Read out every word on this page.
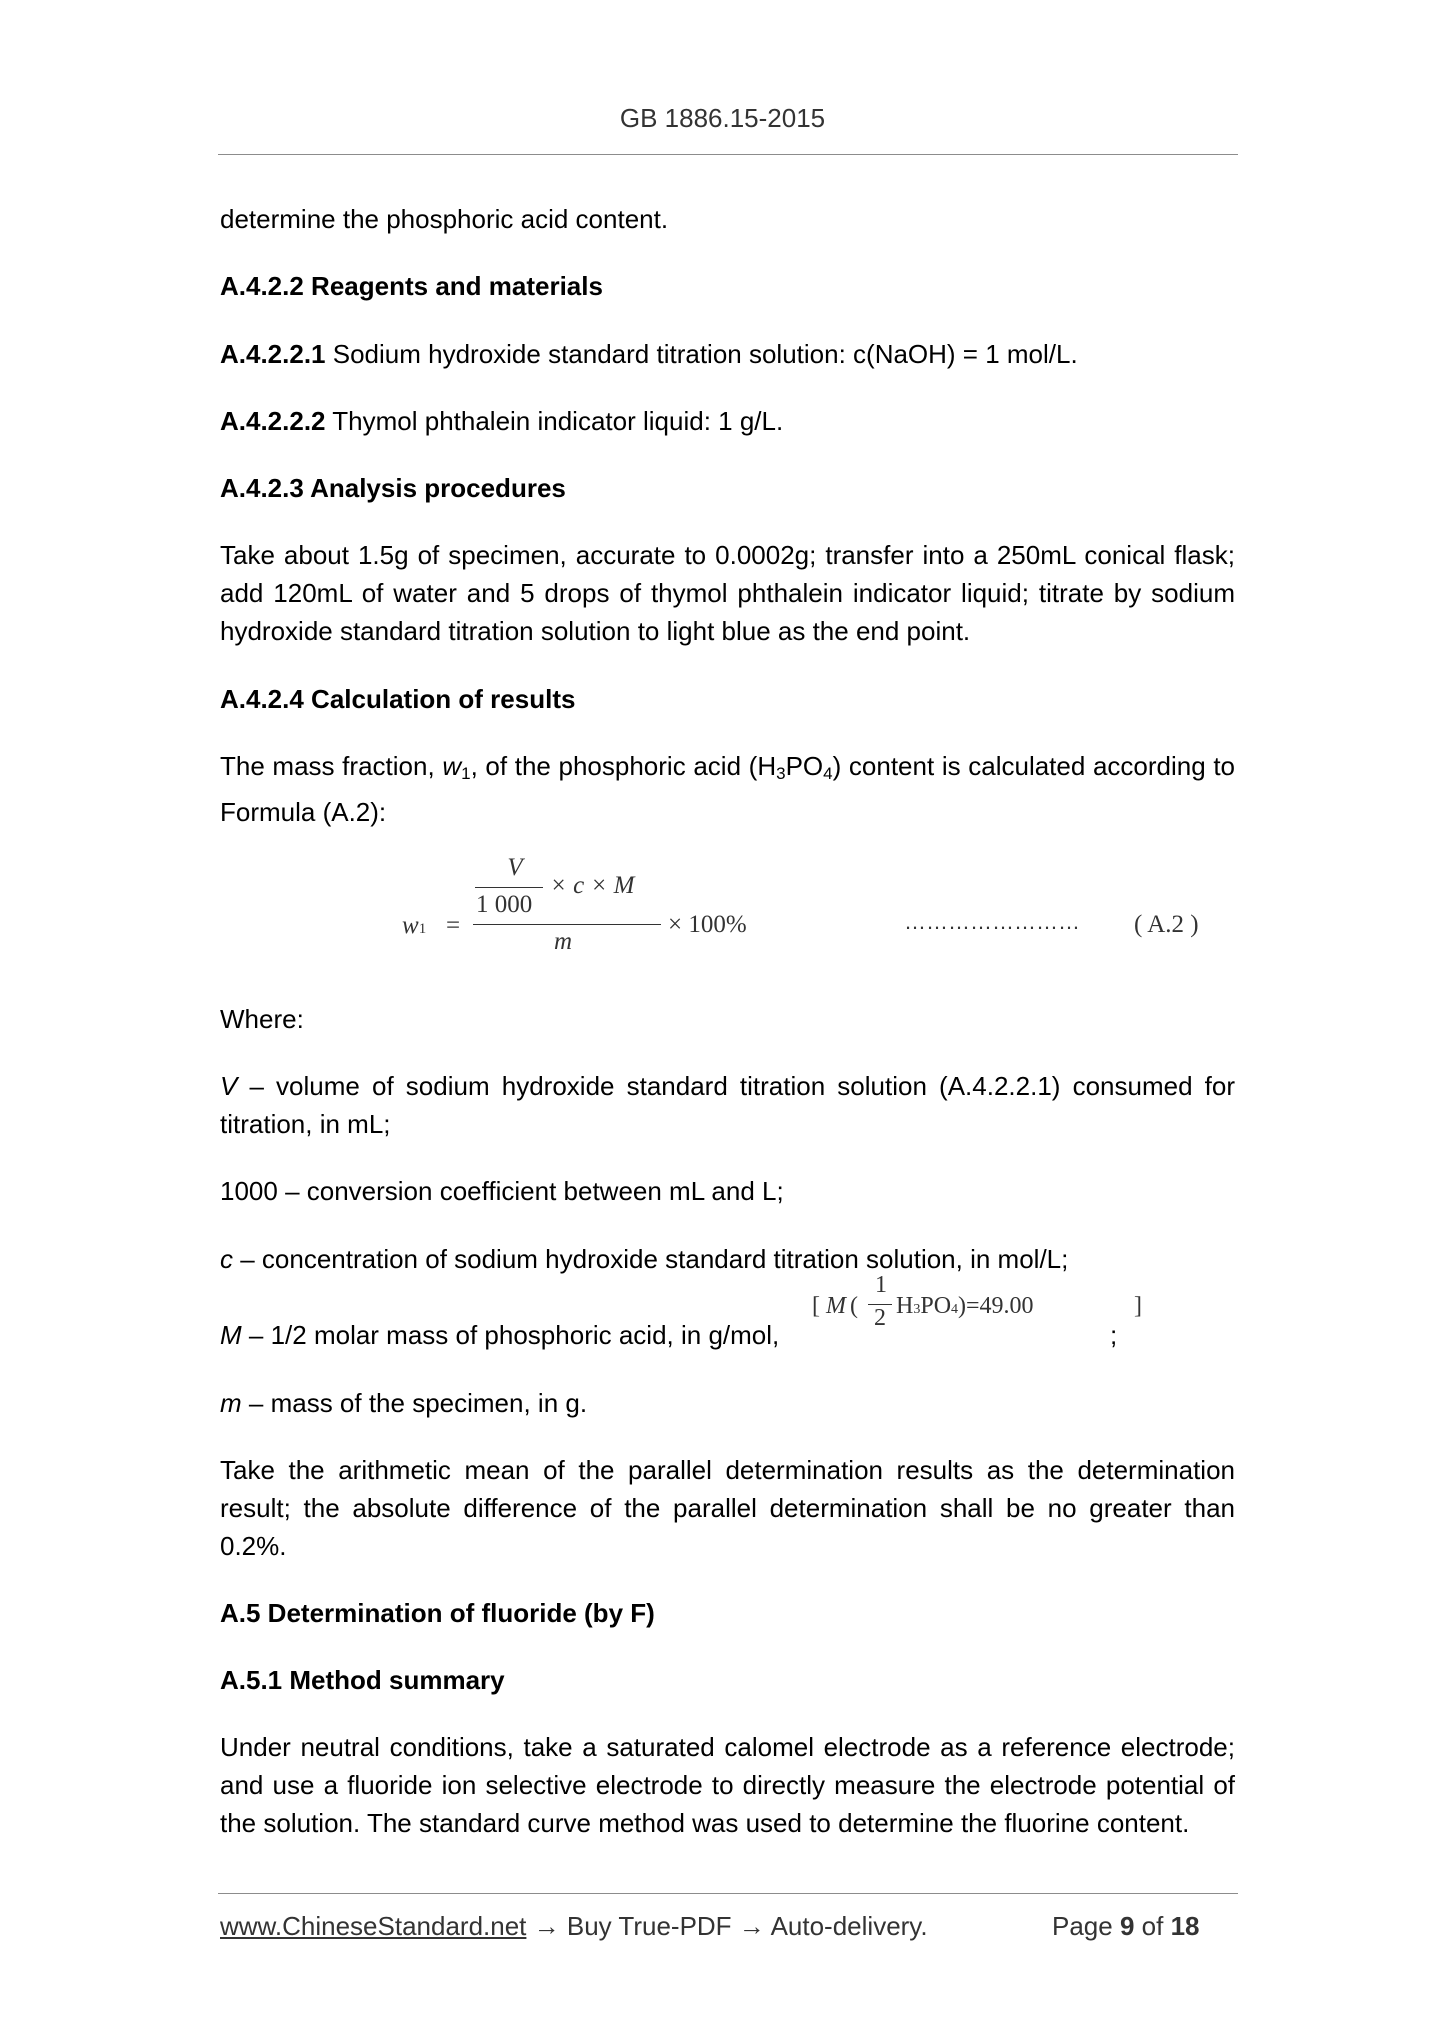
GB 1886.15-2015
determine the phosphoric acid content.
A.4.2.2 Reagents and materials
A.4.2.2.1 Sodium hydroxide standard titration solution: c(NaOH) = 1 mol/L.
A.4.2.2.2 Thymol phthalein indicator liquid: 1 g/L.
A.4.2.3 Analysis procedures
Take about 1.5g of specimen, accurate to 0.0002g; transfer into a 250mL conical flask; add 120mL of water and 5 drops of thymol phthalein indicator liquid; titrate by sodium hydroxide standard titration solution to light blue as the end point.
A.4.2.4 Calculation of results
The mass fraction, $w_1$, of the phosphoric acid $(H_3PO_4)$ content is calculated according to Formula (A.2):
w1 =
V
1 000
× c × M
m
× 100%	…………………… ( A.2 )
Where:
V – volume of sodium hydroxide standard titration solution (A.4.2.2.1) consumed for titration, in mL;
1000 – conversion coefficient between mL and L;
c – concentration of sodium hydroxide standard titration solution, in mol/L;
M – 1/2 molar mass of phosphoric acid, in g/mol,
[ M (
1
2 H3PO4)=49.00	]
;
m – mass of the specimen, in g.
Take the arithmetic mean of the parallel determination results as the determination result; the absolute difference of the parallel determination shall be no greater than 0.2%.
A.5 Determination of fluoride (by F)
A.5.1 Method summary
Under neutral conditions, take a saturated calomel electrode as a reference electrode; and use a fluoride ion selective electrode to directly measure the electrode potential of the solution. The standard curve method was used to determine the fluorine content.
www.ChineseStandard.net → Buy True-PDF → Auto-delivery.	Page 9 of 18
